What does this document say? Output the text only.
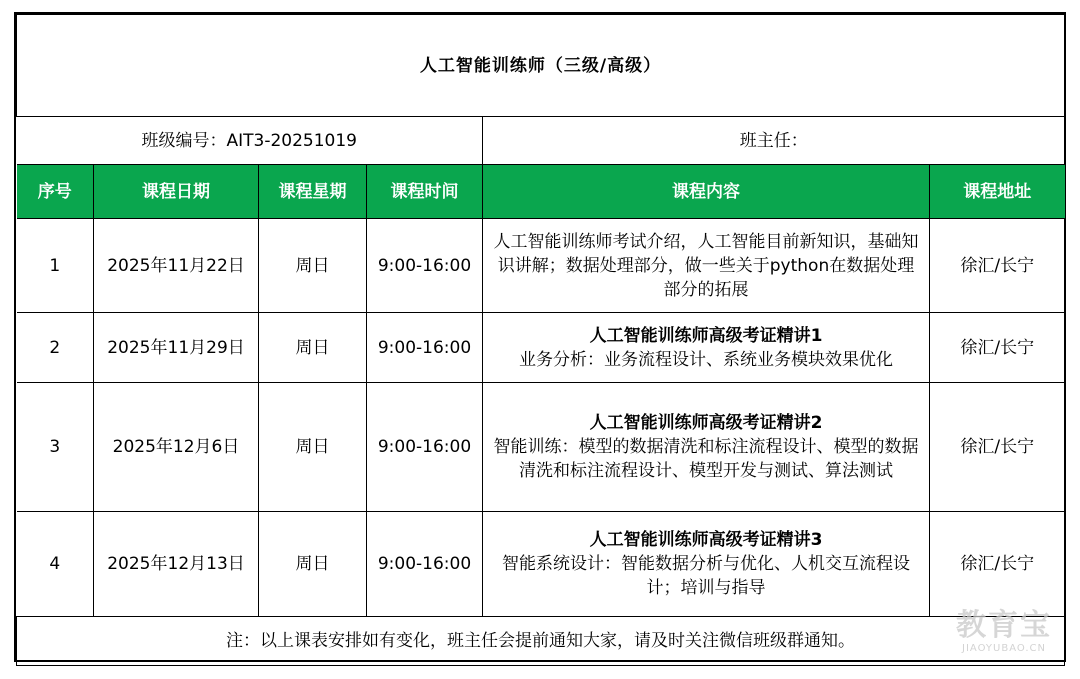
人工智能训练师（三级/高级）					
班级编号：AIT3-20251019				班主任：	
序号	课程日期	课程星期	课程时间	课程内容	课程地址
1	2025年11月22日	周日	9:00-16:00	人工智能训练师考试介绍，人工智能目前新知识，基础知识讲解；数据处理部分，做一些关于python在数据处理部分的拓展	徐汇/长宁
2	2025年11月29日	周日	9:00-16:00	人工智能训练师高级考证精讲1
业务分析：业务流程设计、系统业务模块效果优化	徐汇/长宁
3	2025年12月6日	周日	9:00-16:00	人工智能训练师高级考证精讲2
智能训练：模型的数据清洗和标注流程设计、模型的数据清洗和标注流程设计、模型开发与测试、算法测试	徐汇/长宁
4	2025年12月13日	周日	9:00-16:00	人工智能训练师高级考证精讲3
智能系统设计：智能数据分析与优化、人机交互流程设计；培训与指导	徐汇/长宁
注：以上课表安排如有变化，班主任会提前通知大家，请及时关注微信班级群通知。						教育宝
JIAOYUBAO.CN
